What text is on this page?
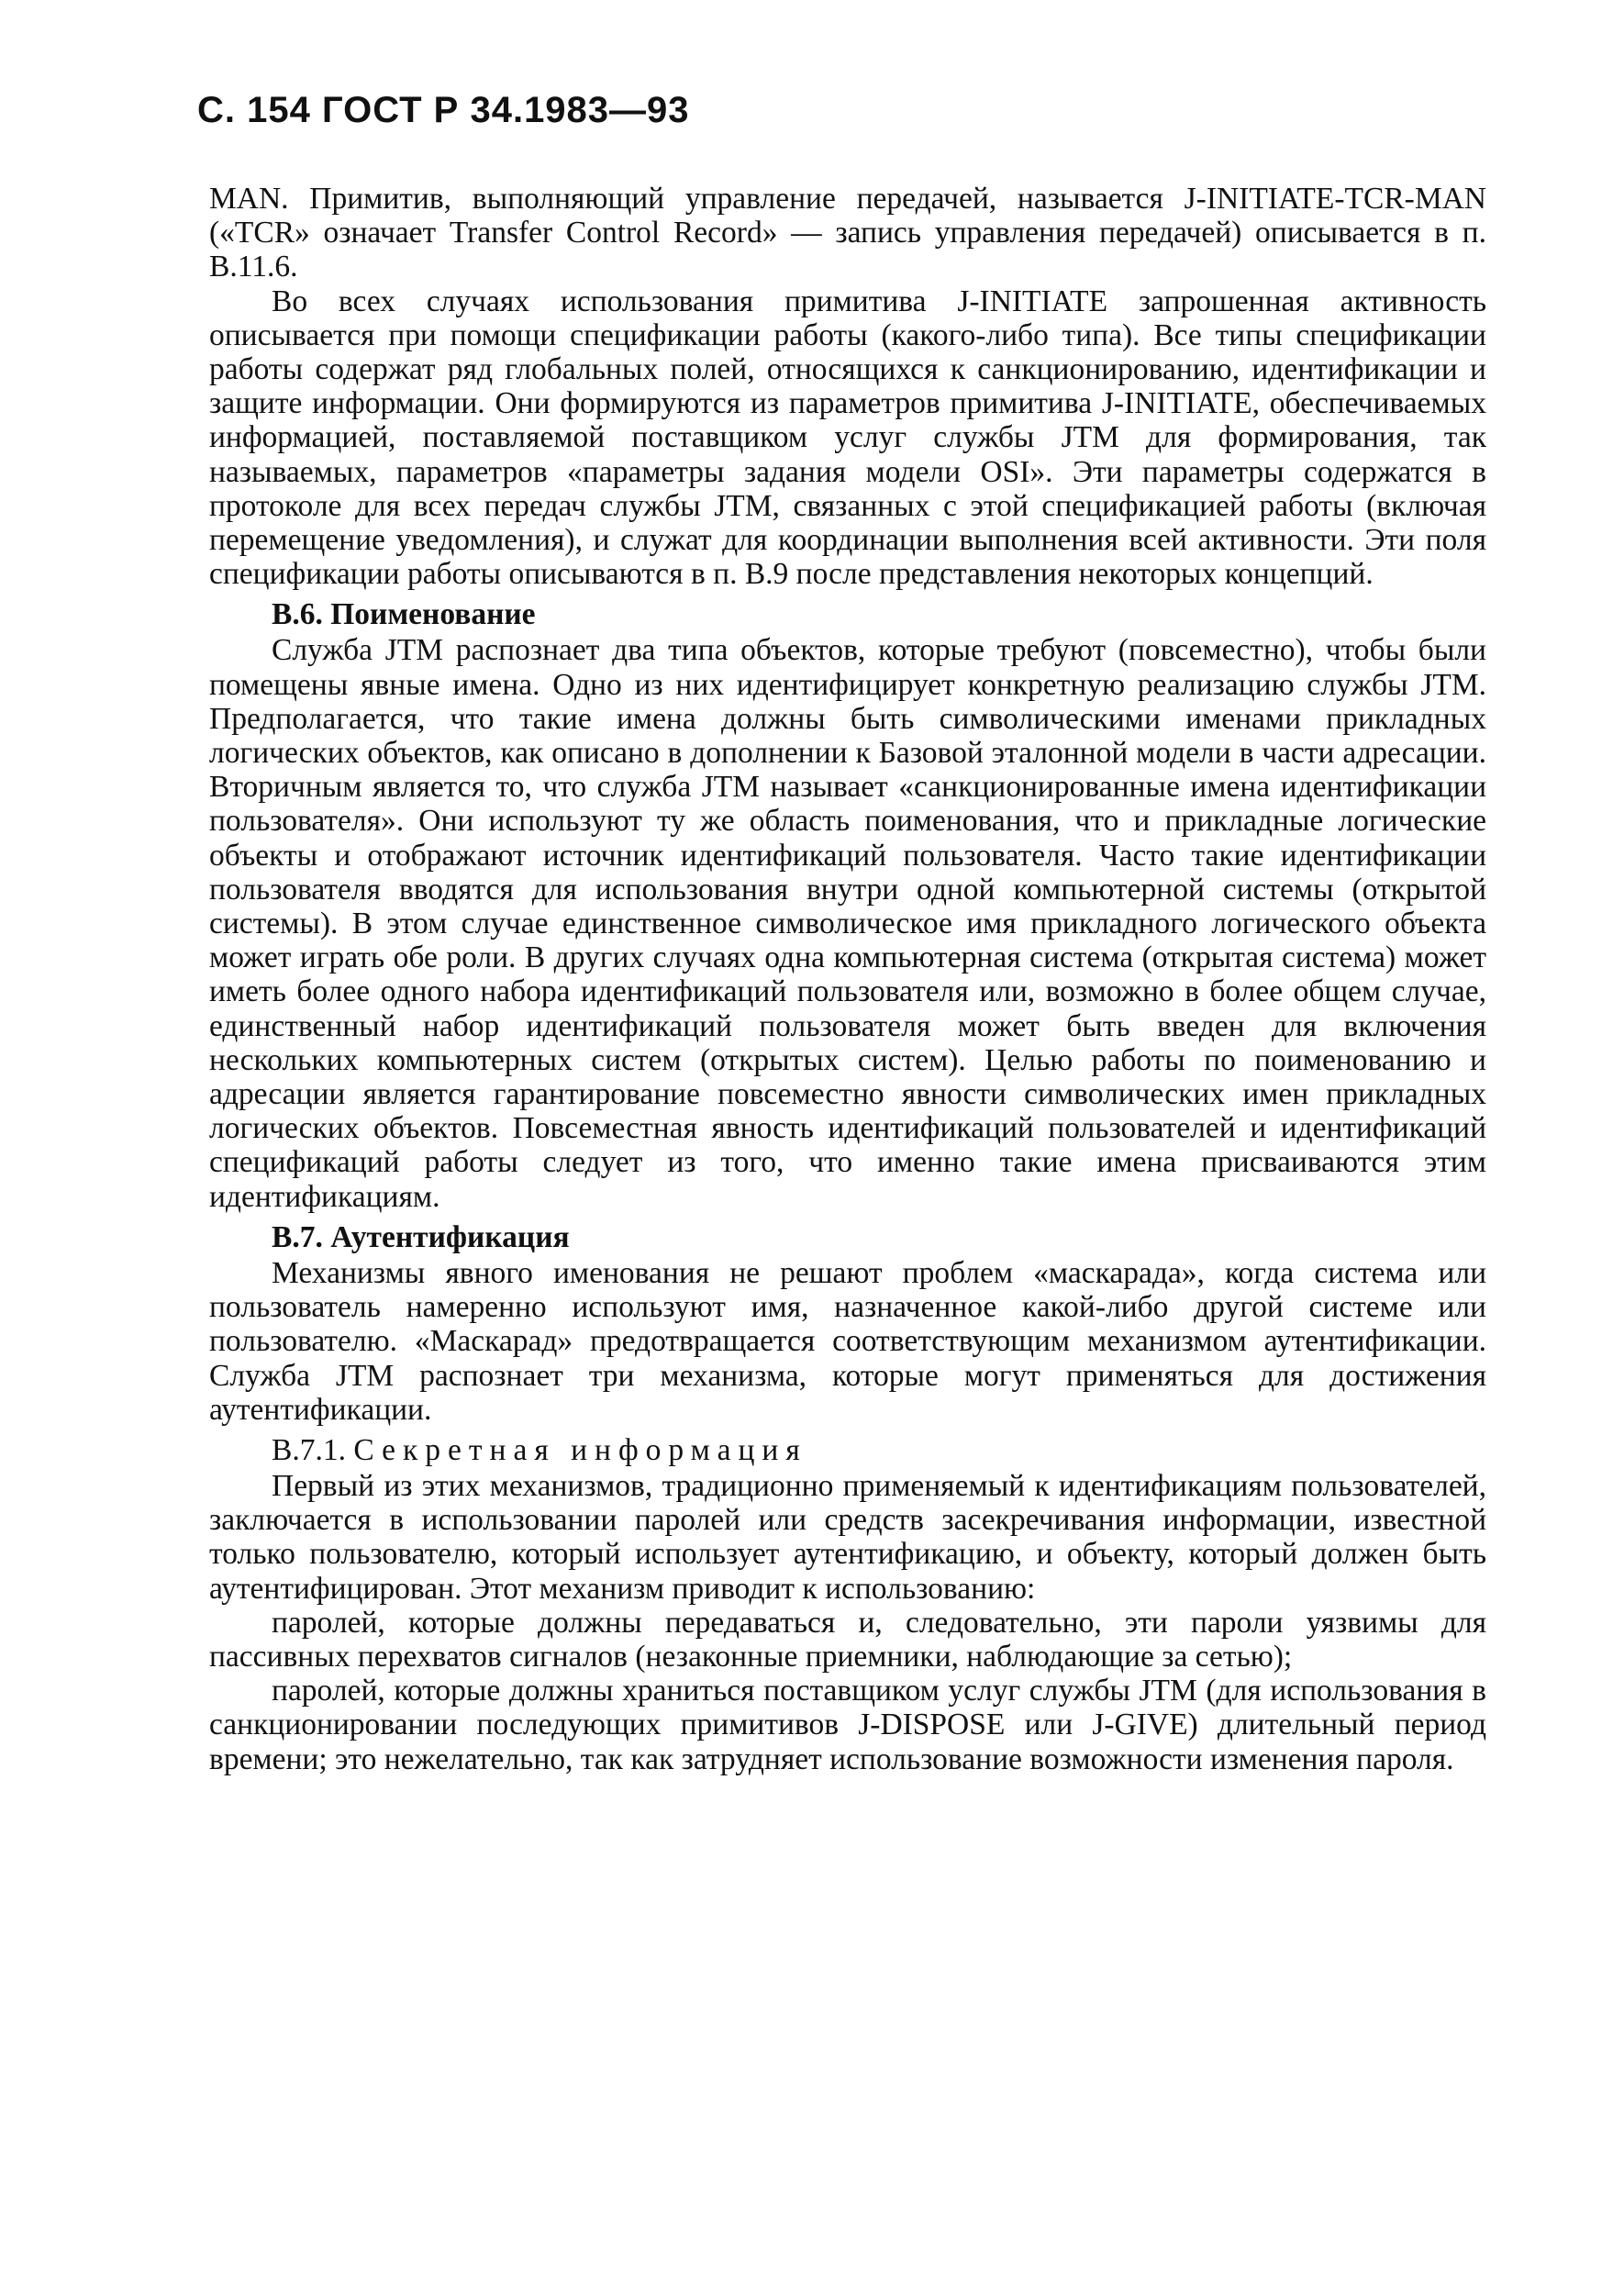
С. 154 ГОСТ Р 34.1983—93

MAN. Примитив, выполняющий управление передачей, называется J-INITIATE-TCR-MAN («TCR» означает Transfer Control Record» — запись управления передачей) описывается в п. В.11.6.

Во всех случаях использования примитива J-INITIATE запрошенная активность описывается при помощи спецификации работы (какого-либо типа). Все типы спецификации работы содержат ряд глобальных полей, относящихся к санкционированию, идентификации и защите информации. Они формируются из параметров примитива J-INITIATE, обеспечиваемых информацией, поставляемой поставщиком услуг службы JTM для формирования, так называемых, параметров «параметры задания модели OSI». Эти параметры содержатся в протоколе для всех передач службы JTM, связанных с этой спецификацией работы (включая перемещение уведомления), и служат для координации выполнения всей активности. Эти поля спецификации работы описываются в п. В.9 после представления некоторых концепций.

В.6. Поименование

Служба JTM распознает два типа объектов, которые требуют (повсеместно), чтобы были помещены явные имена. Одно из них идентифицирует конкретную реализацию службы JTM. Предполагается, что такие имена должны быть символическими именами прикладных логических объектов, как описано в дополнении к Базовой эталонной модели в части адресации. Вторичным является то, что служба JTM называет «санкционированные имена идентификации пользователя». Они используют ту же область поименования, что и прикладные логические объекты и отображают источник идентификаций пользователя. Часто такие идентификации пользователя вводятся для использования внутри одной компьютерной системы (открытой системы). В этом случае единственное символическое имя прикладного логического объекта может играть обе роли. В других случаях одна компьютерная система (открытая система) может иметь более одного набора идентификаций пользователя или, возможно в более общем случае, единственный набор идентификаций пользователя может быть введен для включения нескольких компьютерных систем (открытых систем). Целью работы по поименованию и адресации является гарантирование повсеместно явности символических имен прикладных логических объектов. Повсеместная явность идентификаций пользователей и идентификаций спецификаций работы следует из того, что именно такие имена присваиваются этим идентификациям.

В.7. Аутентификация

Механизмы явного именования не решают проблем «маскарада», когда система или пользователь намеренно используют имя, назначенное какой-либо другой системе или пользователю. «Маскарад» предотвращается соответствующим механизмом аутентификации. Служба JTM распознает три механизма, которые могут применяться для достижения аутентификации.

В.7.1. Секретная информация

Первый из этих механизмов, традиционно применяемый к идентификациям пользователей, заключается в использовании паролей или средств засекречивания информации, известной только пользователю, который использует аутентификацию, и объекту, который должен быть аутентифицирован. Этот механизм приводит к использованию:

паролей, которые должны передаваться и, следовательно, эти пароли уязвимы для пассивных перехватов сигналов (незаконные приемники, наблюдающие за сетью);

паролей, которые должны храниться поставщиком услуг службы JTM (для использования в санкционировании последующих примитивов J-DISPOSE или J-GIVE) длительный период времени; это нежелательно, так как затрудняет использование возможности изменения пароля.
